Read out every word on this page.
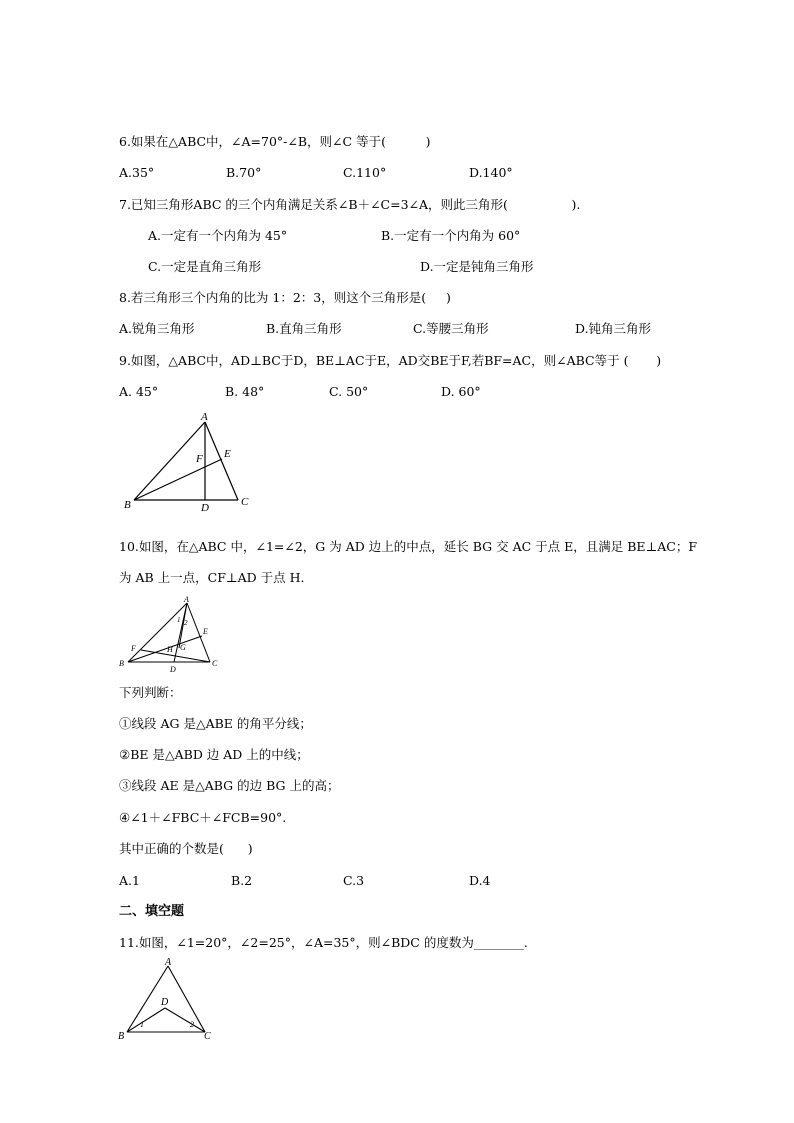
6.如果在△ABC中，∠A=70°-∠B，则∠C 等于(          )
A.35°	B.70°	C.110°	D.140°
7.已知三角形ABC 的三个内角满足关系∠B＋∠C=3∠A，则此三角形(                ).
A.一定有一个内角为 45°	B.一定有一个内角为 60°
C.一定是直角三角形	D.一定是钝角三角形
8.若三角形三个内角的比为 1：2：3，则这个三角形是(     )
A.锐角三角形	B.直角三角形	C.等腰三角形	D.钝角三角形
9.如图，△ABC中，AD⊥BC于D，BE⊥AC于E，AD交BE于F,若BF=AC，则∠ABC等于 (       )
A. 45°	B. 48°	C. 50°	D. 60°
A
E
F
B	D	C
10.如图，在△ABC 中，∠1=∠2，G 为 AD 边上的中点，延长 BG 交 AC 于点 E，且满足 BE⊥AC；F
为 AB 上一点，CF⊥AD 于点 H.
A
1 2
E
F	H G
B
D
C
下列判断：
①线段 AG 是△ABE 的角平分线；
②BE 是△ABD 边 AD 上的中线；
③线段 AE 是△ABG 的边 BG 上的高；
④∠1＋∠FBC＋∠FCB=90°.
其中正确的个数是(      )
A.1	B.2	C.3	D.4
二、填空题
11.如图，∠1=20°，∠2=25°，∠A=35°，则∠BDC 的度数为________.
A
D
1	2
B	C
